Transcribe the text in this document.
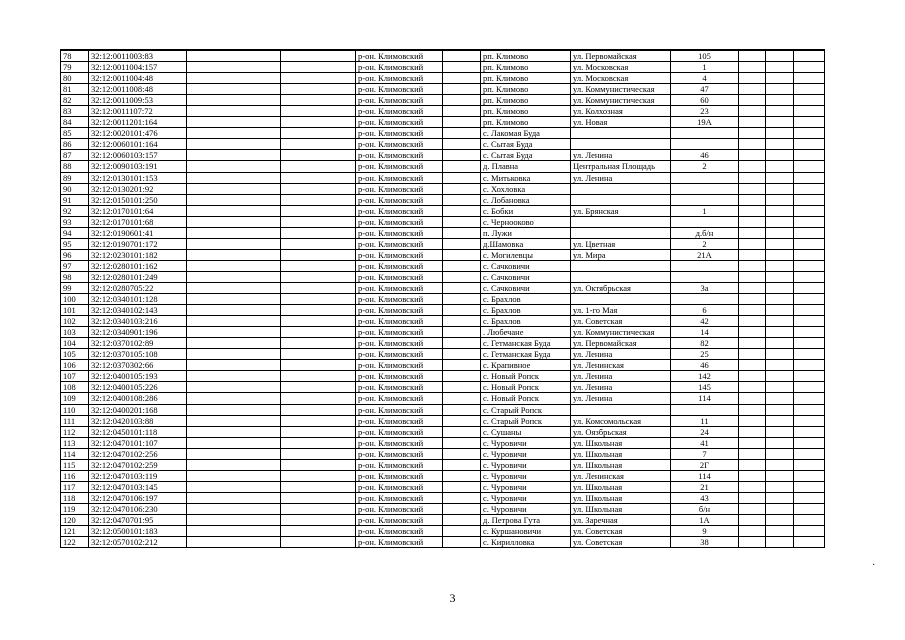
78	32:12:0011003:83			р-он. Климовский		рп. Климово	ул. Первомайская	105			
79	32:12:0011004:157			р-он. Климовский		рп. Климово	ул. Московская	1			
80	32:12:0011004:48			р-он. Климовский		рп. Климово	ул. Московская	4			
81	32:12:0011008:48			р-он. Климовский		рп. Климово	ул. Коммунистическая	47			
82	32:12:0011009:53			р-он. Климовский		рп. Климово	ул. Коммунистическая	60			
83	32:12:0011107:72			р-он. Климовский		рп. Климово	ул. Колхозная	23			
84	32:12:0011201:164			р-он. Климовский		рп. Климово	ул. Новая	19А			
85	32:12:0020101:476			р-он. Климовский		с. Лакомая Буда					
86	32:12:0060101:164			р-он. Климовский		с. Сытая Буда					
87	32:12:0060103:157			р-он. Климовский		с. Сытая Буда	ул. Ленина	46			
88	32:12:0090103:191			р-он. Климовский		д. Плавна	Центральная Площадь	2			
89	32:12:0130101:153			р-он. Климовский		с. Митьковка	ул. Ленина				
90	32:12:0130201:92			р-он. Климовский		с. Хохловка					
91	32:12:0150101:250			р-он. Климовский		с. Лобановка					
92	32:12:0170101:64			р-он. Климовский		с. Бобки	ул. Брянская	1			
93	32:12:0170101:68			р-он. Климовский		с. Чернооково					
94	32:12:0190601:41			р-он. Климовский		п. Лужи		д.б/н			
95	32:12:0190701:172			р-он. Климовский		д.Шамовка	ул. Цветная	2			
96	32:12:0230101:182			р-он. Климовский		с. Могилевцы	ул. Мира	21А			
97	32:12:0280101:162			р-он. Климовский		с. Сачковичи					
98	32:12:0280101:249			р-он. Климовский		с. Сачковичи					
99	32:12:0280705:22			р-он. Климовский		с. Сачковичи	ул. Октябрьская	3а			
100	32:12:0340101:128			р-он. Климовский		с. Брахлов					
101	32:12:0340102:143			р-он. Климовский		с. Брахлов	ул. 1-го Мая	6			
102	32:12:0340103:216			р-он. Климовский		с. Брахлов	ул. Советская	42			
103	32:12:0340901:196			р-он. Климовский		. Любечане	ул. Коммунистическая	14			
104	32:12:0370102:89			р-он. Климовский		с. Гетманская Буда	ул. Первомайская	82			
105	32:12:0370105:108			р-он. Климовский		с. Гетманская Буда	ул. Ленина	25			
106	32:12:0370302:66			р-он. Климовский		с. Крапивное	ул. Ленинская	46			
107	32:12:0400105:193			р-он. Климовский		с. Новый Ропск	ул. Ленина	142			
108	32:12:0400105:226			р-он. Климовский		с. Новый Ропск	ул. Ленина	145			
109	32:12:0400108:286			р-он. Климовский		с. Новый Ропск	ул. Ленина	114			
110	32:12:0400201:168			р-он. Климовский		с. Старый Ропск					
111	32:12:0420103:88			р-он. Климовский		с. Старый Ропск	ул. Комсомольская	11			
112	32:12:0450101:118			р-он. Климовский		с. Сушаны	ул. Оязбрьская	24			
113	32:12:0470101:107			р-он. Климовский		с. Чуровичи	ул. Школьная	41			
114	32:12:0470102:256			р-он. Климовский		с. Чуровичи	ул. Школьная	7			
115	32:12:0470102:259			р-он. Климовский		с. Чуровичи	ул. Школьная	2Г			
116	32:12:0470103:119			р-он. Климовский		с. Чуровичи	ул. Ленинская	114			
117	32:12:0470103:145			р-он. Климовский		с. Чуровичи	ул. Школьная	21			
118	32:12:0470106:197			р-он. Климовский		с. Чуровичи	ул. Школьная	43			
119	32:12:0470106:230			р-он. Климовский		с. Чуровичи	ул. Школьная	б/н			
120	32:12:0470701:95			р-он. Климовский		д. Петрова Гута	ул. Заречная	1А			
121	32:12:0500101:183			р-он. Климовский		с. Куршановичи	ул. Советская	9			
122	32:12:0570102:212			р-он. Климовский		с. Кирилловка	ул. Советская	38			
3
·
